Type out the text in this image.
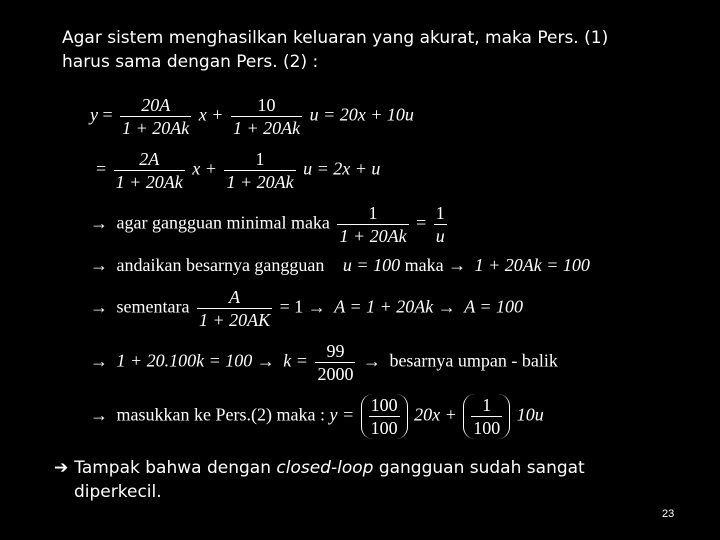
Agar sistem menghasilkan keluaran yang akurat, maka Pers. (1)
harus sama dengan Pers. (2) :
$y = \frac{20A}{1 + 20Ak}$ $x + \frac{10}{1 + 20Ak}$ u = 20x + 10u
= $\frac{2A}{1 + 20Ak}$ $x + \frac{1}{1 + 20Ak}$ u = 2x + u
→ agar gangguan minimal maka $\frac{1}{1 + 20Ak} = \frac{1}{u}$
→ andaikan besarnya gangguan u = 100 maka → 1 + 20Ak = 100
→ sementara $\frac{A}{1 + 20AK} = 1 \to A = 1 + 20Ak \to A = 100$
→ $1 + 20.100k = 100 \to k = \frac{99}{2000}$ → besarnya umpan - balik
→ masukkan ke Pers.(2) maka : $y = \frac{100}{100} 20x + \frac{1}{100} 10u$
➔ Tampak bahwa dengan closed-loop gangguan sudah sangat
diperkecil.
23
